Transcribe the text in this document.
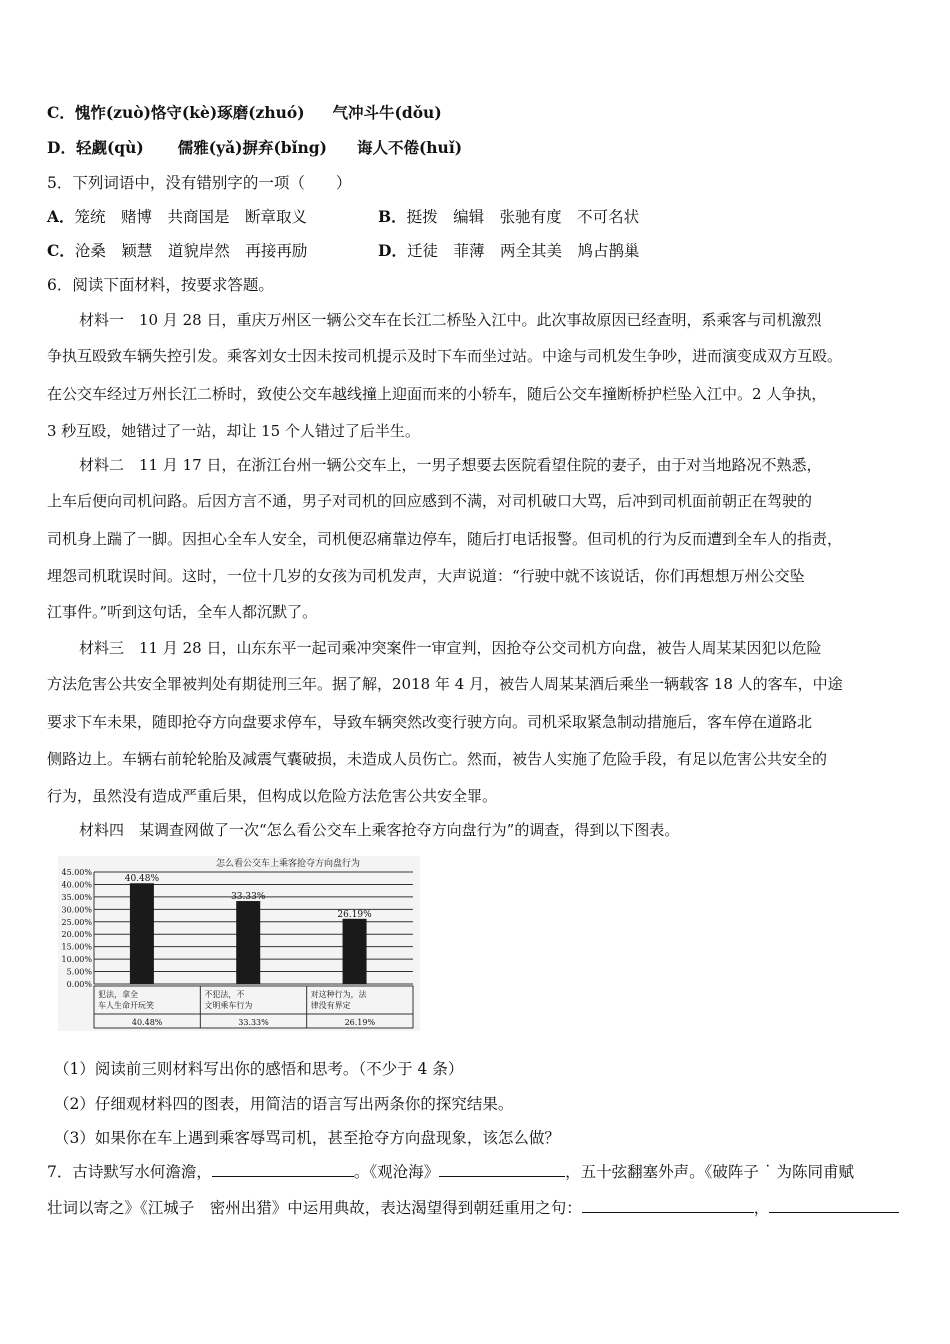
C．愧怍(zuò)恪守(kè)琢磨(zhuó) 气冲斗牛(dǒu)
D．轻觑(qù) 儒雅(yǎ)摒弃(bǐng) 诲人不倦(huǐ)
5．下列词语中，没有错别字的一项（　　）
A．笼统　赌博　共商国是　断章取义	B．挺拨　编辑　张驰有度　不可名状
C．沧桑　颖慧　道貌岸然　再接再励	D．迁徒　菲薄　两全其美　鸠占鹊巢
6．阅读下面材料，按要求答题。
材料一　10 月 28 日，重庆万州区一辆公交车在长江二桥坠入江中。此次事故原因已经查明，系乘客与司机激烈
争执互殴致车辆失控引发。乘客刘女士因未按司机提示及时下车而坐过站。中途与司机发生争吵，进而演变成双方互殴。
在公交车经过万州长江二桥时，致使公交车越线撞上迎面而来的小轿车，随后公交车撞断桥护栏坠入江中。2 人争执，
3 秒互殴，她错过了一站，却让 15 个人错过了后半生。
材料二　11 月 17 日，在浙江台州一辆公交车上，一男子想要去医院看望住院的妻子，由于对当地路况不熟悉，
上车后便向司机问路。后因方言不通，男子对司机的回应感到不满，对司机破口大骂，后冲到司机面前朝正在驾驶的
司机身上踹了一脚。因担心全车人安全，司机便忍痛靠边停车，随后打电话报警。但司机的行为反而遭到全车人的指责，
埋怨司机耽误时间。这时，一位十几岁的女孩为司机发声，大声说道：“行驶中就不该说话，你们再想想万州公交坠
江事件。”听到这句话，全车人都沉默了。
材料三　11 月 28 日，山东东平一起司乘冲突案件一审宣判，因抢夺公交司机方向盘，被告人周某某因犯以危险
方法危害公共安全罪被判处有期徒刑三年。据了解，2018 年 4 月，被告人周某某酒后乘坐一辆载客 18 人的客车，中途
要求下车未果，随即抢夺方向盘要求停车，导致车辆突然改变行驶方向。司机采取紧急制动措施后，客车停在道路北
侧路边上。车辆右前轮轮胎及减震气囊破损，未造成人员伤亡。然而，被告人实施了危险手段，有足以危害公共安全的
行为，虽然没有造成严重后果，但构成以危险方法危害公共安全罪。
材料四　某调查网做了一次“怎么看公交车上乘客抢夺方向盘行为”的调查，得到以下图表。
怎么看公交车上乘客抢夺方向盘行为
45.00%
40.00%
35.00%
30.00%
25.00%
20.00%
15.00%
10.00%
5.00%
0.00%
40.48%
33.33%
26.19%
犯法，拿全
车人生命开玩笑
40.48%
不犯法，不
文明乘车行为
33.33%
对这种行为，法
律没有界定
26.19%
（1）阅读前三则材料写出你的感悟和思考。（不少于 4 条）
（2）仔细观材料四的图表，用简洁的语言写出两条你的探究结果。
（3）如果你在车上遇到乘客辱骂司机，甚至抢夺方向盘现象，该怎么做？
7．古诗默写水何澹澹，	。《观沧海》	，五十弦翻塞外声。《破阵子 ˙ 为陈同甫赋
壮词以寄之》《江城子　密州出猎》中运用典故，表达渴望得到朝廷重用之句：	，
